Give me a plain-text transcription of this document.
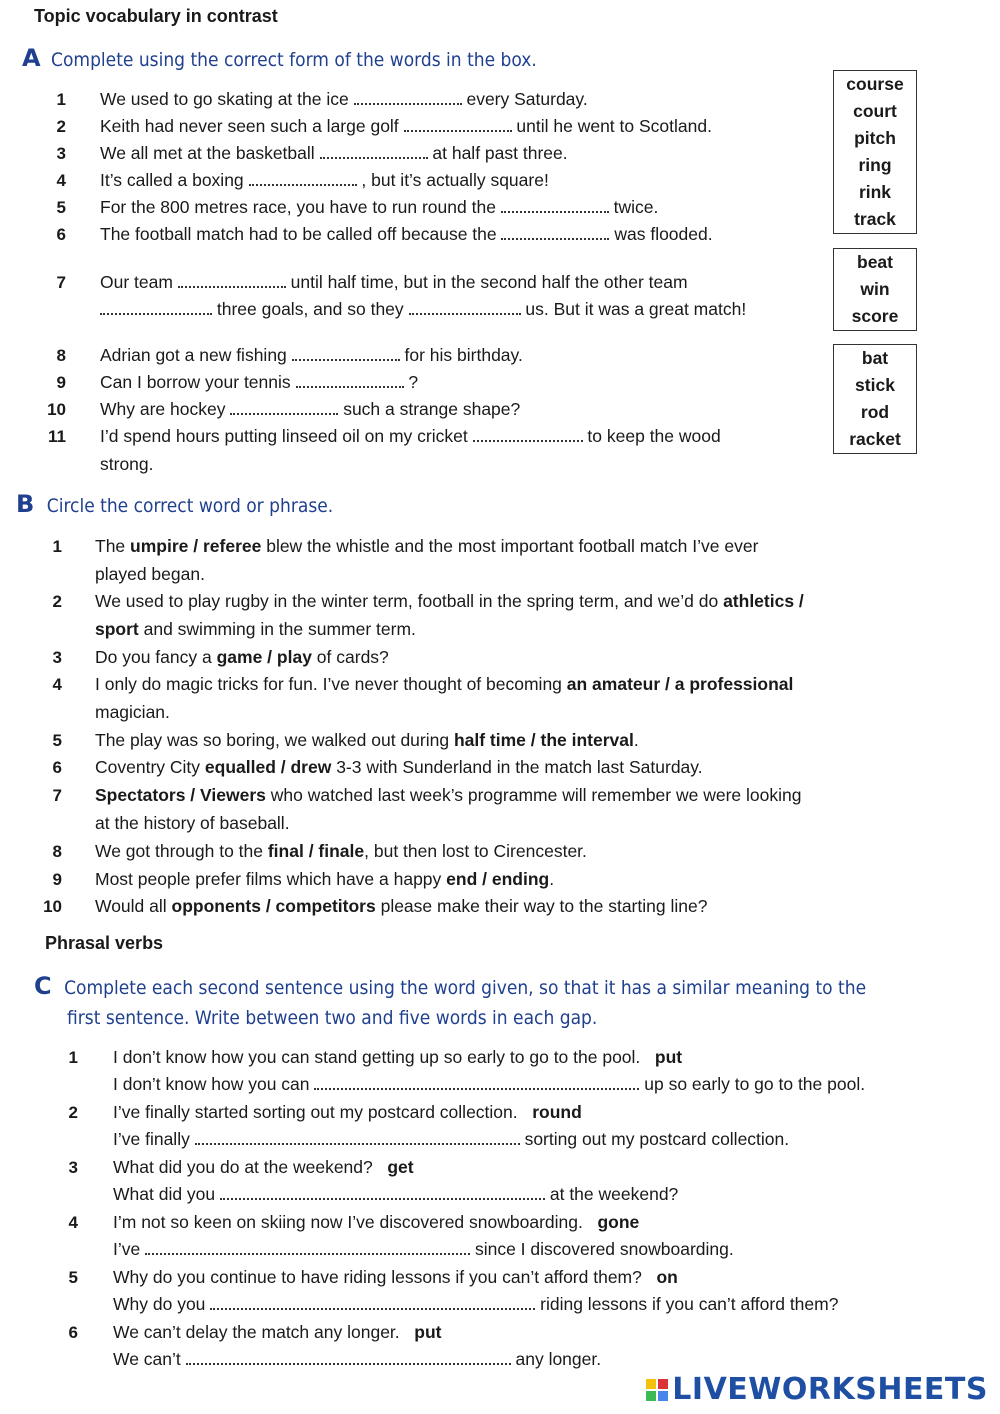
Topic vocabulary in contrast
A Complete using the correct form of the words in the box.
1 We used to go skating at the ice	every Saturday.
2 Keith had never seen such a large golf	until he went to Scotland.
3 We all met at the basketball	at half past three.
4 It’s called a boxing	, but it’s actually square!
5 For the 800 metres race, you have to run round the	twice.
6 The football match had to be called off because the	was flooded.
7 Our team	until half time, but in the second half the other team
three goals, and so they	us. But it was a great match!
8 Adrian got a new fishing	for his birthday.
9 Can I borrow your tennis	?
10 Why are hockey	such a strange shape?
11 I’d spend hours putting linseed oil on my cricket	to keep the wood
strong.
course
court
pitch
ring
rink
track
beat
win
score
bat
stick
rod
racket
B Circle the correct word or phrase.
1 The umpire / referee blew the whistle and the most important football match I’ve ever
played began.
2 We used to play rugby in the winter term, football in the spring term, and we’d do athletics /
sport and swimming in the summer term.
3 Do you fancy a game / play of cards?
4 I only do magic tricks for fun. I’ve never thought of becoming an amateur / a professional
magician.
5 The play was so boring, we walked out during half time / the interval.
6 Coventry City equalled / drew 3-3 with Sunderland in the match last Saturday.
7 Spectators / Viewers who watched last week’s programme will remember we were looking
at the history of baseball.
8 We got through to the final / finale, but then lost to Cirencester.
9 Most people prefer films which have a happy end / ending.
10 Would all opponents / competitors please make their way to the starting line?
Phrasal verbs
C Complete each second sentence using the word given, so that it has a similar meaning to the
first sentence. Write between two and five words in each gap.
1 I don’t know how you can stand getting up so early to go to the pool. put
I don’t know how you can	up so early to go to the pool.
2 I’ve finally started sorting out my postcard collection. round
I’ve finally	sorting out my postcard collection.
3 What did you do at the weekend? get
What did you	at the weekend?
4 I’m not so keen on skiing now I’ve discovered snowboarding. gone
I’ve	since I discovered snowboarding.
5 Why do you continue to have riding lessons if you can’t afford them? on
Why do you	riding lessons if you can’t afford them?
6 We can’t delay the match any longer. put
We can’t	any longer.
LIVEWORKSHEETS
